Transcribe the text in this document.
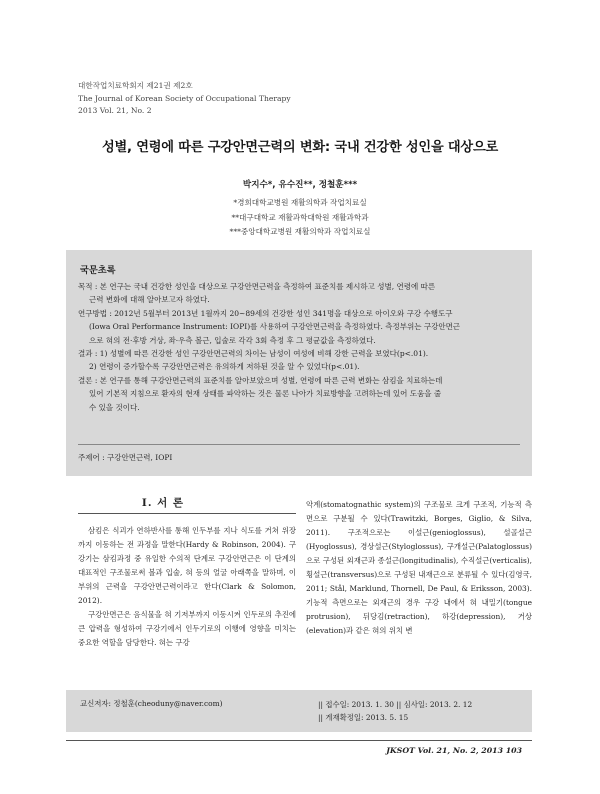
대한작업치료학회지 제21권 제2호
The Journal of Korean Society of Occupational Therapy
2013 Vol. 21, No. 2
성별, 연령에 따른 구강안면근력의 변화: 국내 건강한 성인을 대상으로
박지수*, 유수진**, 정철훈***
*경희대학교병원 재활의학과 작업치료실
**대구대학교 재활과학대학원 재활과학과
***중앙대학교병원 재활의학과 작업치료실
국문초록

목적 : 본 연구는 국내 건강한 성인을 대상으로 구강안면근력을 측정하여 표준치를 제시하고 성별, 연령에 따른

근력 변화에 대해 알아보고자 하였다.

연구방법 : 2012년 5월부터 2013년 1월까지 20~89세의 건강한 성인 341명을 대상으로 아이오와 구강 수행도구

(Iowa Oral Performance Instrument: IOPI)를 사용하여 구강안면근력을 측정하였다. 측정부위는 구강안면근

으로 혀의 전·후방 거상, 좌·우측 볼근, 입술로 각각 3회 측정 후 그 평균값을 측정하였다.

결과 : 1) 성별에 따른 건강한 성인 구강안면근력의 차이는 남성이 여성에 비해 강한 근력을 보였다(p<.01).

2) 연령이 증가할수록 구강안면근력은 유의하게 저하된 것을 알 수 있었다(p<.01).

결론 : 본 연구를 통해 구강안면근력의 표준치를 알아보았으며 성별, 연령에 따른 근력 변화는 삼킴을 치료하는데

있어 기본적 지침으로 환자의 현재 상태를 파악하는 것은 물론 나아가 치료방향을 고려하는데 있어 도움을 줄

수 있을 것이다.

주제어 : 구강안면근력, IOPI
I. 서 론

삼킴은 식괴가 연하반사를 통해 인두부를 지나 식도를 거쳐 위장까지 이동하는 전 과정을 말한다(Hardy & Robinson, 2004). 구강기는 삼킴과정 중 유일한 수의적 단계로 구강안면근은 이 단계의 대표적인 구조물로써 볼과 입술, 혀 등의 얼굴 아래쪽을 말하며, 이 부위의 근력을 구강안면근력이라고 한다(Clark & Solomon, 2012).

구강안면근은 음식물을 혀 기저부까지 이동시켜 인두로의 추진에 큰 압력을 형성하여 구강기에서 인두기로의 이행에 영향을 미치는 중요한 역할을 담당한다. 혀는 구강

악계(stomatognathic system)의 구조물로 크게 구조적, 기능적 측면으로 구분될 수 있다(Trawitzki, Borges, Giglio, & Silva, 2011). 구조적으로는 이설근(genioglossus), 설골설근(Hyoglossus), 경상설근(Styloglossus), 구개설근(Palatoglossus)으로 구성된 외재근과 종설근(longitudinalis), 수직설근(verticalis), 횡설근(transversus)으로 구성된 내재근으로 분류될 수 있다(김영국, 2011; Stål, Marklund, Thornell, De Paul, & Eriksson, 2003). 기능적 측면으로는 외재근의 경우 구강 내에서 혀 내밀기(tongue protrusion), 뒤당김(retraction), 하강(depression), 거상(elevation)과 같은 혀의 위치 변

교신저자: 정철훈(cheoduny@naver.com)	|| 접수일: 2013. 1. 30 || 심사일: 2013. 2. 12
|| 게재확정일: 2013. 5. 15
JKSOT Vol. 21, No. 2, 2013 103
